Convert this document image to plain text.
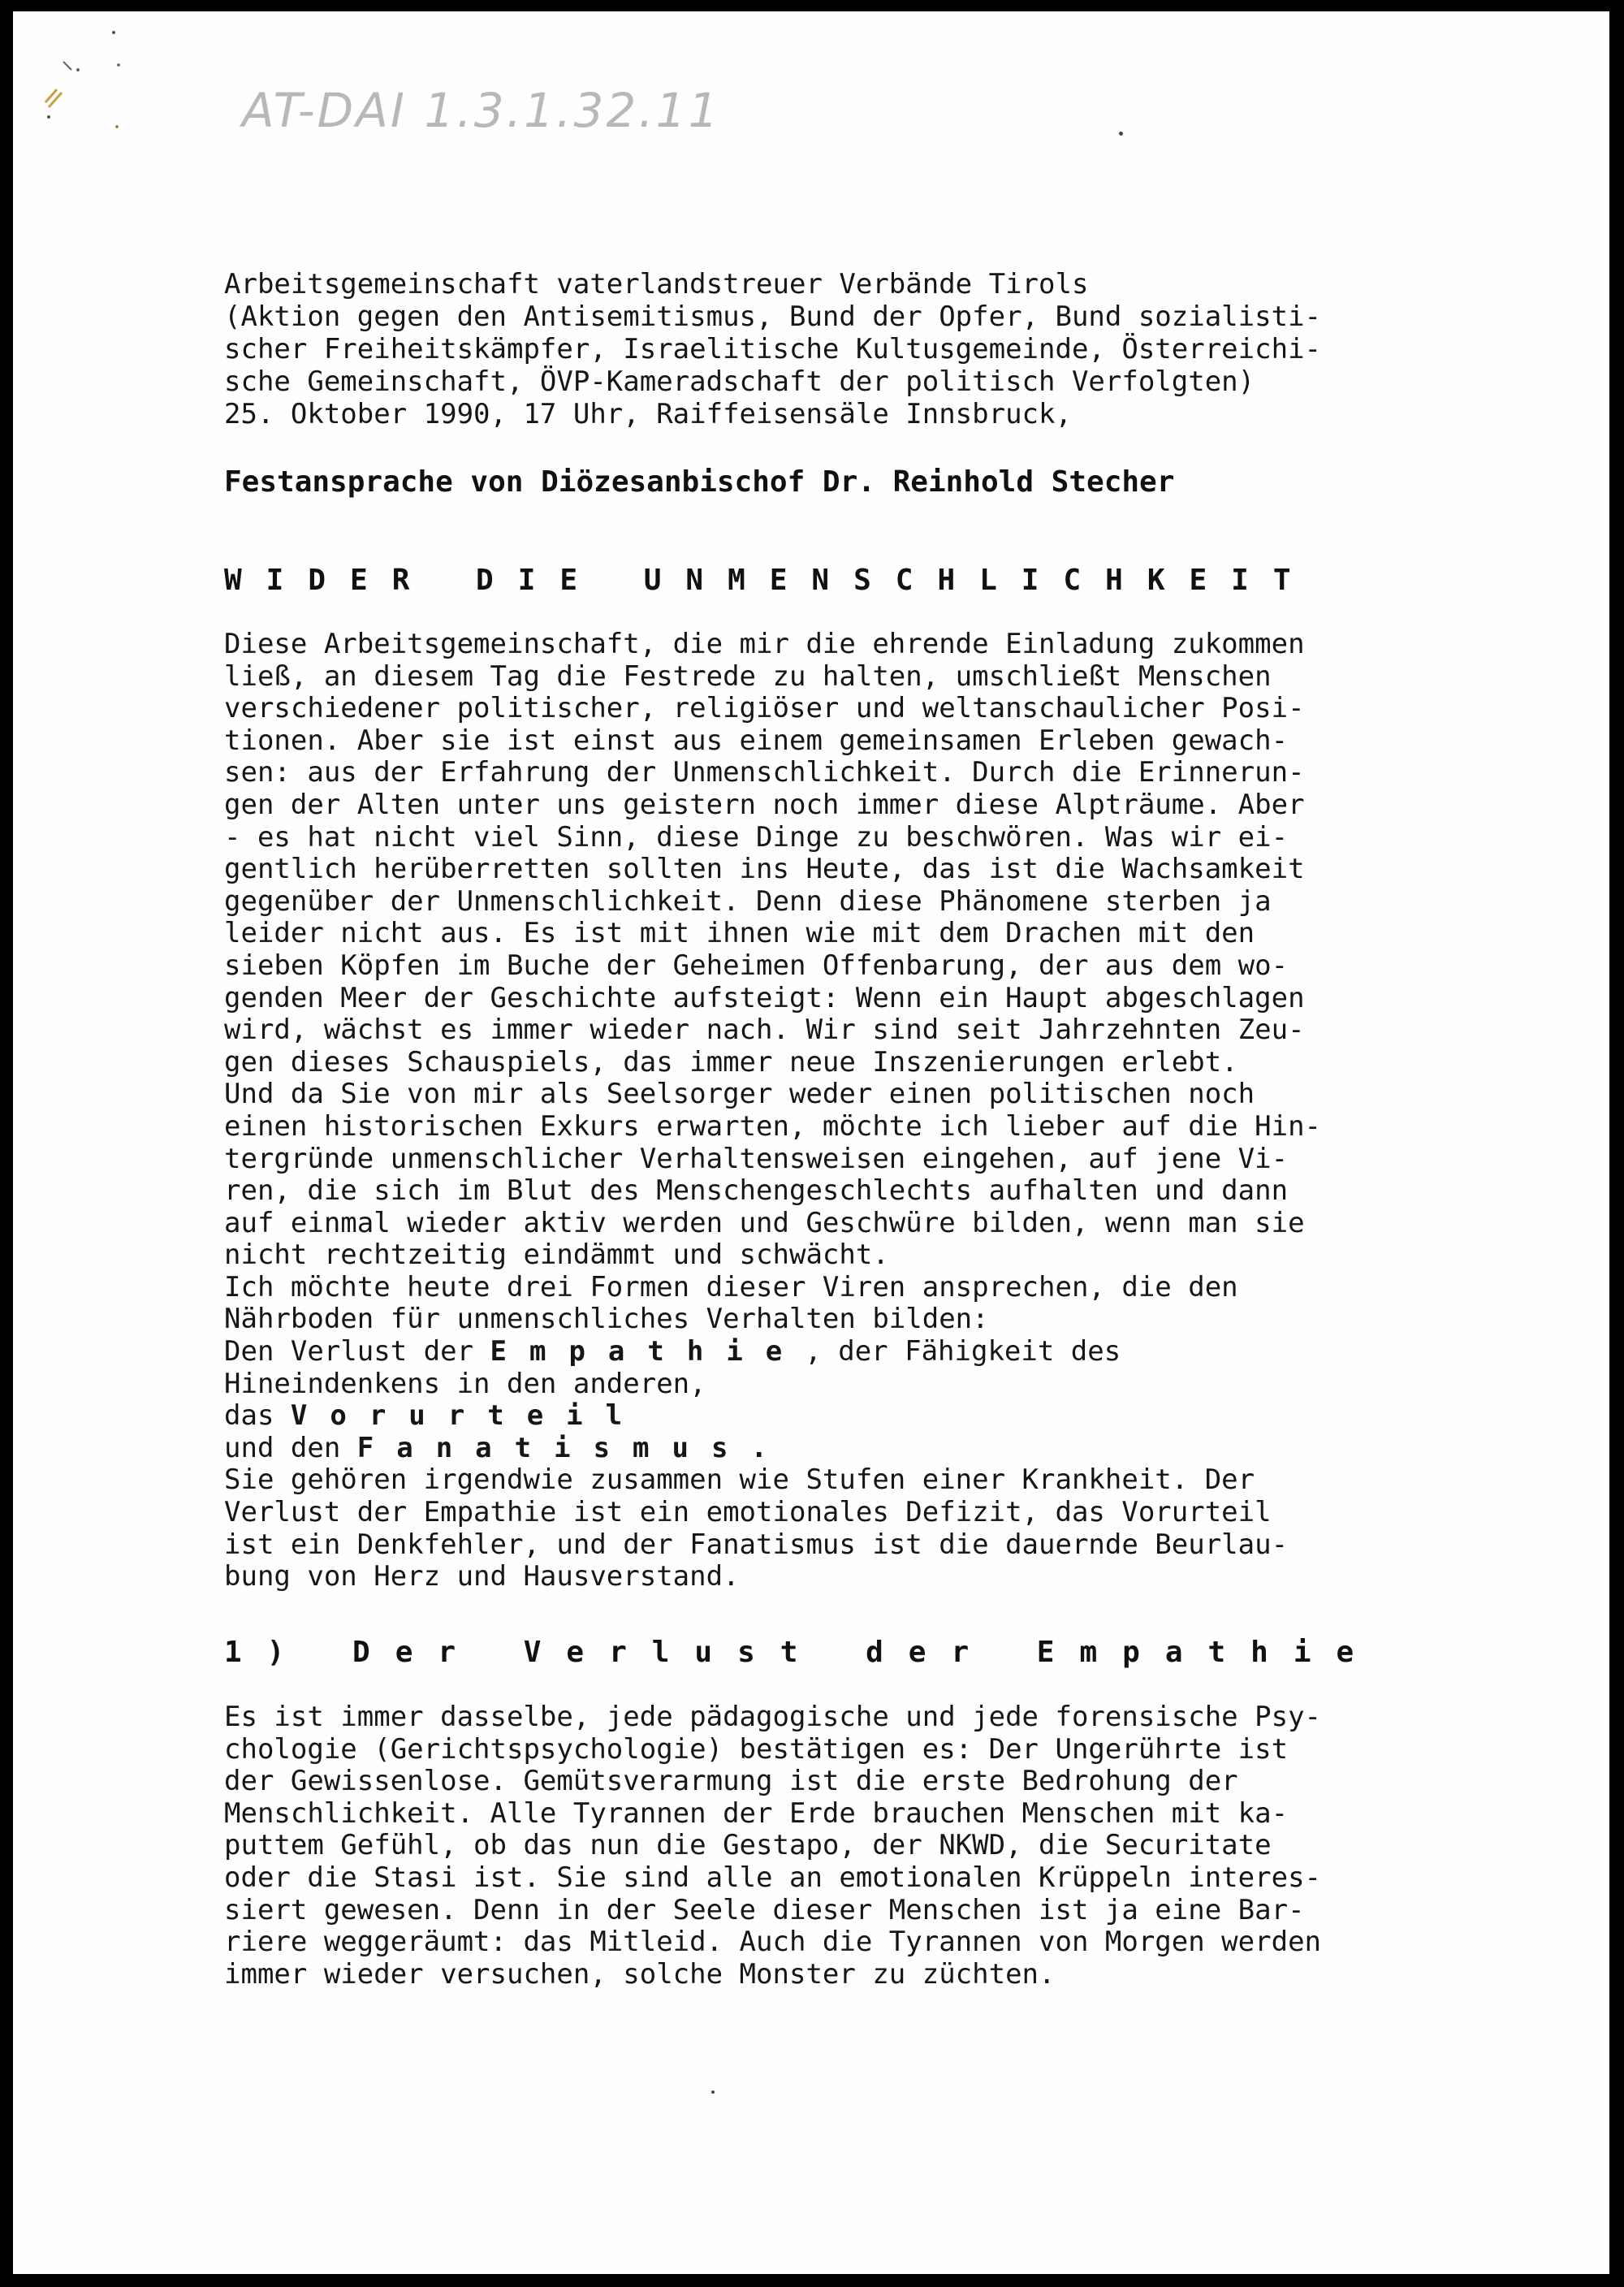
AT-DAI 1.3.1.32.11
Arbeitsgemeinschaft vaterlandstreuer Verbände Tirols
(Aktion gegen den Antisemitismus, Bund der Opfer, Bund sozialisti-
scher Freiheitskämpfer, Israelitische Kultusgemeinde, Österreichi-
sche Gemeinschaft, ÖVP-Kameradschaft der politisch Verfolgten)
25. Oktober 1990, 17 Uhr, Raiffeisensäle Innsbruck,
Festansprache von Diözesanbischof Dr. Reinhold Stecher
WIDER DIE UNMENSCHLICHKEIT
Diese Arbeitsgemeinschaft, die mir die ehrende Einladung zukommen
ließ, an diesem Tag die Festrede zu halten, umschließt Menschen
verschiedener politischer, religiöser und weltanschaulicher Posi-
tionen. Aber sie ist einst aus einem gemeinsamen Erleben gewach-
sen: aus der Erfahrung der Unmenschlichkeit. Durch die Erinnerun-
gen der Alten unter uns geistern noch immer diese Alpträume. Aber
- es hat nicht viel Sinn, diese Dinge zu beschwören. Was wir ei-
gentlich herüberretten sollten ins Heute, das ist die Wachsamkeit
gegenüber der Unmenschlichkeit. Denn diese Phänomene sterben ja
leider nicht aus. Es ist mit ihnen wie mit dem Drachen mit den
sieben Köpfen im Buche der Geheimen Offenbarung, der aus dem wo-
genden Meer der Geschichte aufsteigt: Wenn ein Haupt abgeschlagen
wird, wächst es immer wieder nach. Wir sind seit Jahrzehnten Zeu-
gen dieses Schauspiels, das immer neue Inszenierungen erlebt.
Und da Sie von mir als Seelsorger weder einen politischen noch
einen historischen Exkurs erwarten, möchte ich lieber auf die Hin-
tergründe unmenschlicher Verhaltensweisen eingehen, auf jene Vi-
ren, die sich im Blut des Menschengeschlechts aufhalten und dann
auf einmal wieder aktiv werden und Geschwüre bilden, wenn man sie
nicht rechtzeitig eindämmt und schwächt.
Ich möchte heute drei Formen dieser Viren ansprechen, die den
Nährboden für unmenschliches Verhalten bilden:
Den Verlust der Empathie, der Fähigkeit des
Hineindenkens in den anderen,
das Vorurteil
und den Fanatismus.
Sie gehören irgendwie zusammen wie Stufen einer Krankheit. Der
Verlust der Empathie ist ein emotionales Defizit, das Vorurteil
ist ein Denkfehler, und der Fanatismus ist die dauernde Beurlau-
bung von Herz und Hausverstand.
1) Der Verlust der Empathie
Es ist immer dasselbe, jede pädagogische und jede forensische Psy-
chologie (Gerichtspsychologie) bestätigen es: Der Ungerührte ist
der Gewissenlose. Gemütsverarmung ist die erste Bedrohung der
Menschlichkeit. Alle Tyrannen der Erde brauchen Menschen mit ka-
puttem Gefühl, ob das nun die Gestapo, der NKWD, die Securitate
oder die Stasi ist. Sie sind alle an emotionalen Krüppeln interes-
siert gewesen. Denn in der Seele dieser Menschen ist ja eine Bar-
riere weggeräumt: das Mitleid. Auch die Tyrannen von Morgen werden
immer wieder versuchen, solche Monster zu züchten.
